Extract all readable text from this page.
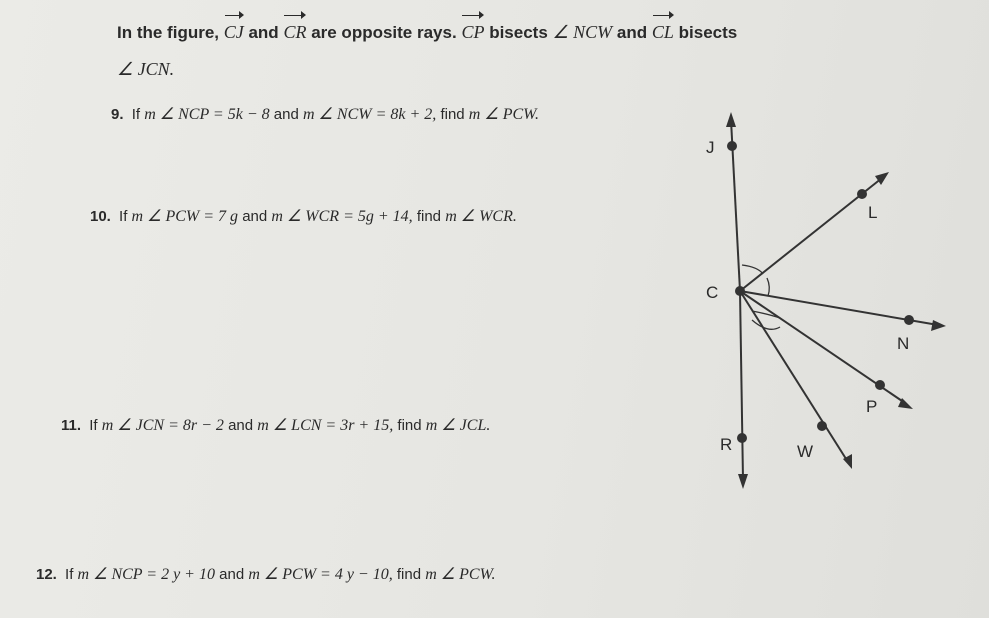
In the figure, CJ and CR are opposite rays. CP bisects ∠ NCW and CL bisects
∠ JCN.
9. If m ∠ NCP = 5k − 8 and m ∠ NCW = 8k + 2, find m ∠ PCW.
10. If m ∠ PCW = 7 g and m ∠ WCR = 5g + 14, find m ∠ WCR.
11. If m ∠ JCN = 8r − 2 and m ∠ LCN = 3r + 15, find m ∠ JCL.
12. If m ∠ NCP = 2 y + 10 and m ∠ PCW = 4 y − 10, find m ∠ PCW.
J
L
C
N
P
R	W
